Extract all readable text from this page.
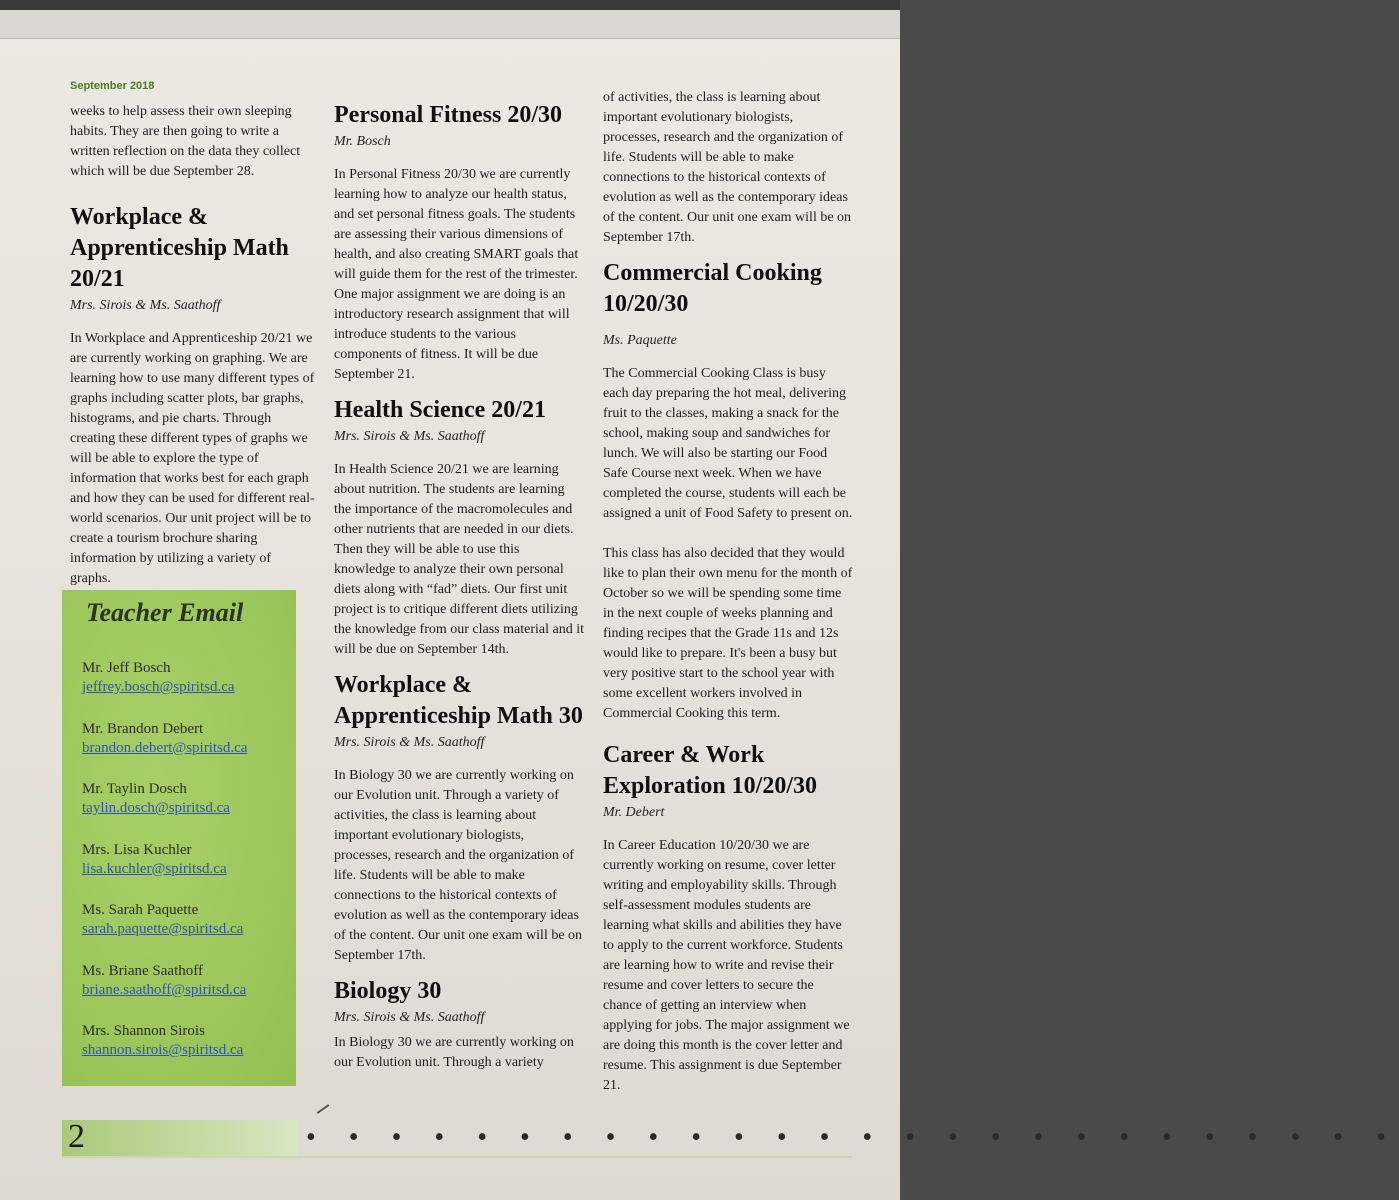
September 2018

weeks to help assess their own sleeping habits. They are then going to write a written reflection on the data they collect which will be due September 28.

Workplace & Apprenticeship Math 20/21
Mrs. Sirois & Ms. Saathoff

In Workplace and Apprenticeship 20/21 we are currently working on graphing. We are learning how to use many different types of graphs including scatter plots, bar graphs, histograms, and pie charts. Through creating these different types of graphs we will be able to explore the type of information that works best for each graph and how they can be used for different real-world scenarios. Our unit project will be to create a tourism brochure sharing information by utilizing a variety of graphs.

Teacher Email
Mr. Jeff Bosch
jeffrey.bosch@spiritsd.ca
Mr. Brandon Debert
brandon.debert@spiritsd.ca
Mr. Taylin Dosch
taylin.dosch@spiritsd.ca
Mrs. Lisa Kuchler
lisa.kuchler@spiritsd.ca
Ms. Sarah Paquette
sarah.paquette@spiritsd.ca
Ms. Briane Saathoff
briane.saathoff@spiritsd.ca
Mrs. Shannon Sirois
shannon.sirois@spiritsd.ca
Personal Fitness 20/30
Mr. Bosch

In Personal Fitness 20/30 we are currently learning how to analyze our health status, and set personal fitness goals. The students are assessing their various dimensions of health, and also creating SMART goals that will guide them for the rest of the trimester. One major assignment we are doing is an introductory research assignment that will introduce students to the various components of fitness. It will be due September 21.

Health Science 20/21
Mrs. Sirois & Ms. Saathoff

In Health Science 20/21 we are learning about nutrition. The students are learning the importance of the macromolecules and other nutrients that are needed in our diets. Then they will be able to use this knowledge to analyze their own personal diets along with “fad” diets. Our first unit project is to critique different diets utilizing the knowledge from our class material and it will be due on September 14th.

Workplace & Apprenticeship Math 30
Mrs. Sirois & Ms. Saathoff

In Biology 30 we are currently working on our Evolution unit. Through a variety of activities, the class is learning about important evolutionary biologists, processes, research and the organization of life. Students will be able to make connections to the historical contexts of evolution as well as the contemporary ideas of the content. Our unit one exam will be on September 17th.

Biology 30
Mrs. Sirois & Ms. Saathoff

In Biology 30 we are currently working on our Evolution unit. Through a variety

of activities, the class is learning about important evolutionary biologists, processes, research and the organization of life. Students will be able to make connections to the historical contexts of evolution as well as the contemporary ideas of the content. Our unit one exam will be on September 17th.

Commercial Cooking 10/20/30
Ms. Paquette

The Commercial Cooking Class is busy each day preparing the hot meal, delivering fruit to the classes, making a snack for the school, making soup and sandwiches for lunch. We will also be starting our Food Safe Course next week. When we have completed the course, students will each be assigned a unit of Food Safety to present on.

This class has also decided that they would like to plan their own menu for the month of October so we will be spending some time in the next couple of weeks planning and finding recipes that the Grade 11s and 12s would like to prepare. It's been a busy but very positive start to the school year with some excellent workers involved in Commercial Cooking this term.

Career & Work Exploration 10/20/30
Mr. Debert

In Career Education 10/20/30 we are currently working on resume, cover letter writing and employability skills. Through self-assessment modules students are learning what skills and abilities they have to apply to the current workforce. Students are learning how to write and revise their resume and cover letters to secure the chance of getting an interview when applying for jobs. The major assignment we are doing this month is the cover letter and resume. This assignment is due September 21.

2	• • • • • • • • • • • • • • • • • • • • • • • • • •
